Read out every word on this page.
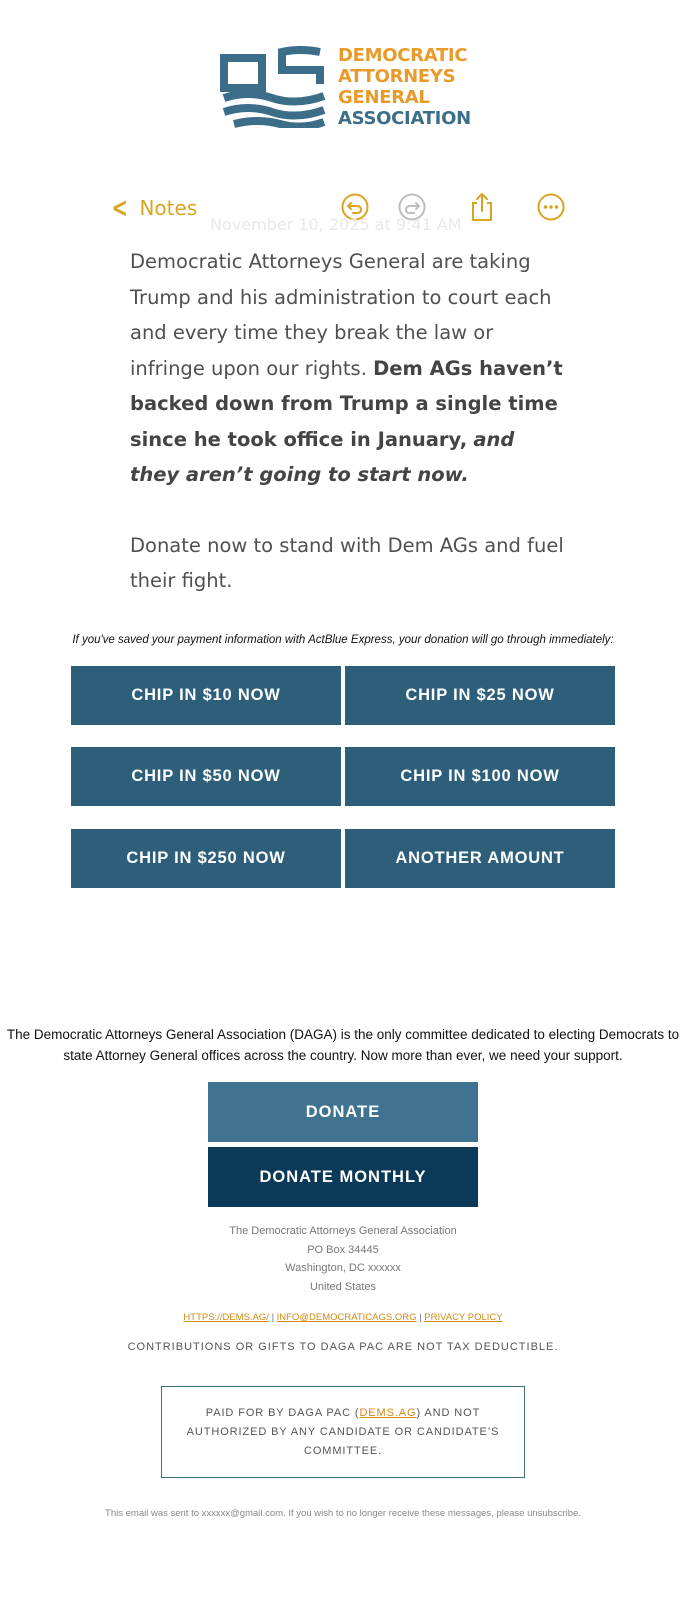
DEMOCRATIC
ATTORNEYS
GENERAL
ASSOCIATION
< Notes
November 10, 2025 at 9:41 AM
Democratic Attorneys General are taking Trump and his administration to court each and every time they break the law or infringe upon our rights. Dem AGs haven’t backed down from Trump a single time since he took office in January, and they aren’t going to start now.
Donate now to stand with Dem AGs and fuel their fight.
If you've saved your payment information with ActBlue Express, your donation will go through immediately:
CHIP IN $10 NOW	CHIP IN $25 NOW
CHIP IN $50 NOW	CHIP IN $100 NOW
CHIP IN $250 NOW	ANOTHER AMOUNT
The Democratic Attorneys General Association (DAGA) is the only committee dedicated to electing Democrats to state Attorney General offices across the country. Now more than ever, we need your support.
DONATE
DONATE MONTHLY
The Democratic Attorneys General Association
PO Box 34445
Washington, DC xxxxxx
United States
HTTPS://DEMS.AG/ | INFO@DEMOCRATICAGS.ORG | PRIVACY POLICY
CONTRIBUTIONS OR GIFTS TO DAGA PAC ARE NOT TAX DEDUCTIBLE.
PAID FOR BY DAGA PAC (DEMS.AG) AND NOT AUTHORIZED BY ANY CANDIDATE OR CANDIDATE’S COMMITTEE.
This email was sent to xxxxxx@gmail.com. If you wish to no longer receive these messages, please unsubscribe.
